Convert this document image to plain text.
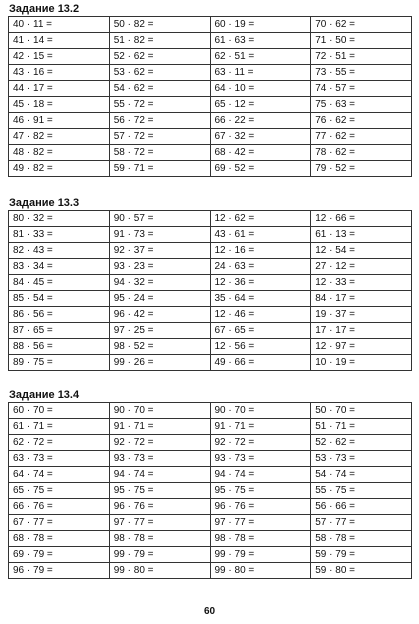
Задание 13.2
40 · 11 =	50 · 82 =	60 · 19 =	70 · 62 =
41 · 14 =	51 · 82 =	61 · 63 =	71 · 50 =
42 · 15 =	52 · 62 =	62 · 51 =	72 · 51 =
43 · 16 =	53 · 62 =	63 · 11 =	73 · 55 =
44 · 17 =	54 · 62 =	64 · 10 =	74 · 57 =
45 · 18 =	55 · 72 =	65 · 12 =	75 · 63 =
46 · 91 =	56 · 72 =	66 · 22 =	76 · 62 =
47 · 82 =	57 · 72 =	67 · 32 =	77 · 62 =
48 · 82 =	58 · 72 =	68 · 42 =	78 · 62 =
49 · 82 =	59 · 71 =	69 · 52 =	79 · 52 =
Задание 13.3
80 · 32 =	90 · 57 =	12 · 62 =	12 · 66 =
81 · 33 =	91 · 73 =	43 · 61 =	61 · 13 =
82 · 43 =	92 · 37 =	12 · 16 =	12 · 54 =
83 · 34 =	93 · 23 =	24 · 63 =	27 · 12 =
84 · 45 =	94 · 32 =	12 · 36 =	12 · 33 =
85 · 54 =	95 · 24 =	35 · 64 =	84 · 17 =
86 · 56 =	96 · 42 =	12 · 46 =	19 · 37 =
87 · 65 =	97 · 25 =	67 · 65 =	17 · 17 =
88 · 56 =	98 · 52 =	12 · 56 =	12 · 97 =
89 · 75 =	99 · 26 =	49 · 66 =	10 · 19 =
Задание 13.4
60 · 70 =	90 · 70 =	90 · 70 =	50 · 70 =
61 · 71 =	91 · 71 =	91 · 71 =	51 · 71 =
62 · 72 =	92 · 72 =	92 · 72 =	52 · 62 =
63 · 73 =	93 · 73 =	93 · 73 =	53 · 73 =
64 · 74 =	94 · 74 =	94 · 74 =	54 · 74 =
65 · 75 =	95 · 75 =	95 · 75 =	55 · 75 =
66 · 76 =	96 · 76 =	96 · 76 =	56 · 66 =
67 · 77 =	97 · 77 =	97 · 77 =	57 · 77 =
68 · 78 =	98 · 78 =	98 · 78 =	58 · 78 =
69 · 79 =	99 · 79 =	99 · 79 =	59 · 79 =
96 · 79 =	99 · 80 =	99 · 80 =	59 · 80 =
60
